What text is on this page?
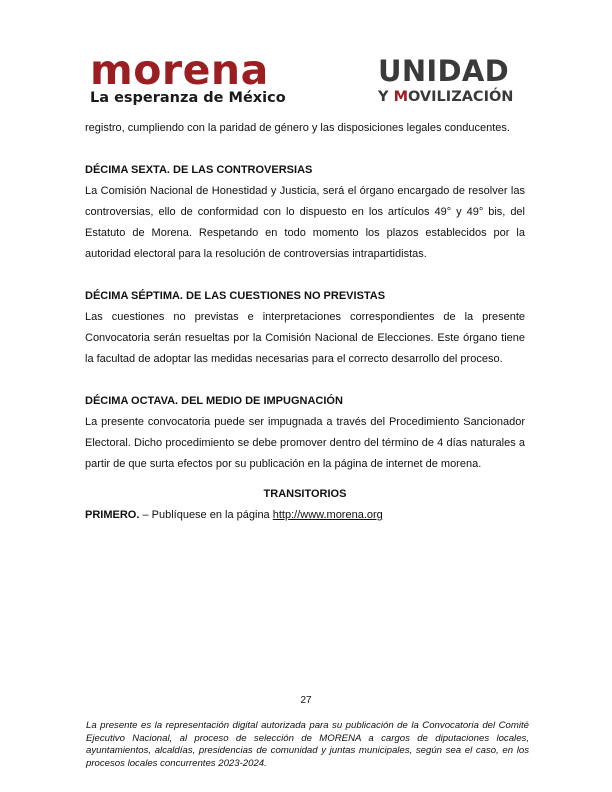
morena
La esperanza de México
UNIDAD
Y MOVILIZACIÓN

registro, cumpliendo con la paridad de género y las disposiciones legales conducentes.

DÉCIMA SEXTA. DE LAS CONTROVERSIAS

La Comisión Nacional de Honestidad y Justicia, será el órgano encargado de resolver las controversias, ello de conformidad con lo dispuesto en los artículos 49° y 49° bis, del Estatuto de Morena. Respetando en todo momento los plazos establecidos por la autoridad electoral para la resolución de controversias intrapartidistas.

DÉCIMA SÉPTIMA. DE LAS CUESTIONES NO PREVISTAS

Las cuestiones no previstas e interpretaciones correspondientes de la presente Convocatoria serán resueltas por la Comisión Nacional de Elecciones. Este órgano tiene la facultad de adoptar las medidas necesarias para el correcto desarrollo del proceso.

DÉCIMA OCTAVA. DEL MEDIO DE IMPUGNACIÓN

La presente convocatoria puede ser impugnada a través del Procedimiento Sancionador Electoral. Dicho procedimiento se debe promover dentro del término de 4 días naturales a partir de que surta efectos por su publicación en la página de internet de morena.

TRANSITORIOS

PRIMERO. – Publíquese en la página http://www.morena.org

27
La presente es la representación digital autorizada para su publicación de la Convocatoria del Comité Ejecutivo Nacional, al proceso de selección de MORENA a cargos de diputaciones locales, ayuntamientos, alcaldías, presidencias de comunidad y juntas municipales, según sea el caso, en los procesos locales concurrentes 2023-2024.
